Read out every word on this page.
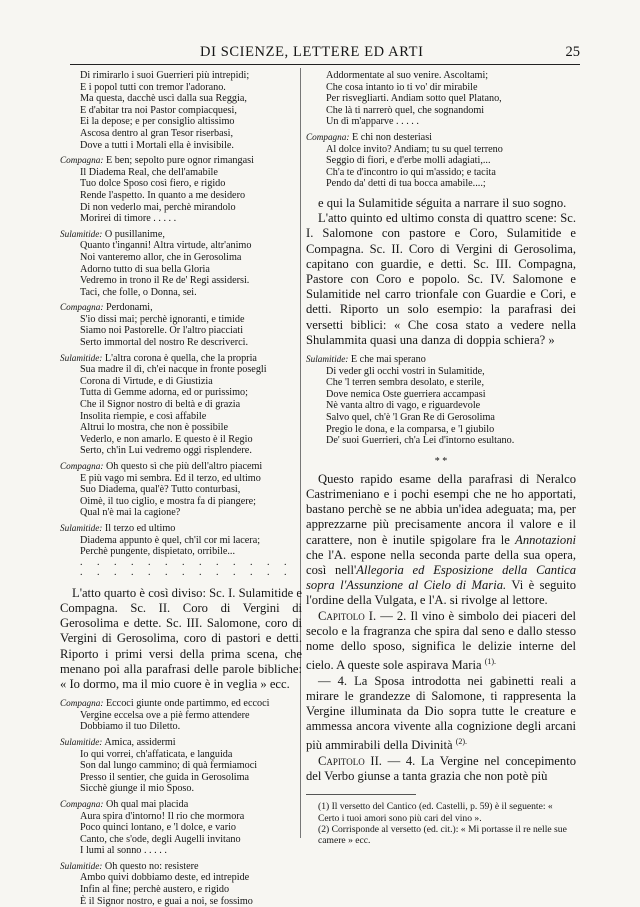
DI SCIENZE, LETTERE ED ARTI	25
Di rimirarlo i suoi Guerrieri più intrepidi;
E i popol tutti con tremor l'adorano.
Ma questa, dacchè uscì dalla sua Reggia,
E d'abitar tra noi Pastor compiacquesi,
Ei la depose; e per consiglio altissimo
Ascosa dentro al gran Tesor riserbasi,
Dove a tutti i Mortali ella è invisibile.
Compagna: E ben; sepolto pure ognor rimangasi
Il Diadema Real, che dell'amabile
Tuo dolce Sposo così fiero, e rigido
Rende l'aspetto. In quanto a me desidero
Di non vederlo mai, perchè mirandolo
Morirei di timore . . . . .
Sulamitide: O pusillanime,
Quanto t'inganni! Altra virtude, altr'animo
Noi vanteremo allor, che in Gerosolima
Adorno tutto di sua bella Gloria
Vedremo in trono il Re de' Regi assidersi.
Taci, che folle, o Donna, sei.
Compagna: Perdonami,
S'io dissi mai; perchè ignoranti, e timide
Siamo noi Pastorelle. Or l'altro piacciati
Serto immortal del nostro Re descriverci.
Sulamitide: L'altra corona è quella, che la propria
Sua madre il dì, ch'ei nacque in fronte posegli
Corona di Virtude, e di Giustizia
Tutta di Gemme adorna, ed or purissimo;
Che il Signor nostro di beltà e di grazia
Insolita riempie, e così affabile
Altrui lo mostra, che non è possibile
Vederlo, e non amarlo. E questo è il Regio
Serto, ch'in Lui vedremo oggi risplendere.
Compagna: Oh questo sì che più dell'altro piacemi
E più vago mi sembra. Ed il terzo, ed ultimo
Suo Diadema, qual'è? Tutto conturbasi,
Oimè, il tuo ciglio, e mostra fa di piangere;
Qual n'è mai la cagione?
Sulamitide: Il terzo ed ultimo
Diadema appunto è quel, ch'il cor mi lacera;
Perchè pungente, dispietato, orribile...
. . . . . . . . . . . . . . . . . . . . . . . . . .

L'atto quarto è così diviso: Sc. I. Sulamitide e Compagna. Sc. II. Coro di Vergini di Gerosolima e dette. Sc. III. Salomone, coro di Vergini di Gerosolima, coro di pastori e detti. Riporto i primi versi della prima scena, che menano poi alla parafrasi delle parole bibliche: « Io dormo, ma il mio cuore è in veglia » ecc.

Compagna: Eccoci giunte onde partimmo, ed eccoci
Vergine eccelsa ove a piè fermo attendere
Dobbiamo il tuo Diletto.
Sulamitide: Amica, assidermi
Io qui vorrei, ch'affaticata, e languida
Son dal lungo cammino; di quà fermiamoci
Presso il sentier, che guida in Gerosolima
Sicchè giunge il mio Sposo.
Compagna: Oh qual mai placida
Aura spira d'intorno! Il rio che mormora
Poco quinci lontano, e 'l dolce, e vario
Canto, che s'ode, degli Augelli invitano
I lumi al sonno . . . . .
Sulamitide: Oh questo no: resistere
Ambo quivi dobbiamo deste, ed intrepide
Infin al fine; perchè austero, e rigido
È il Signor nostro, e guai a noi, se fossimo
Addormentate al suo venire. Ascoltami;
Che cosa intanto io ti vo' dir mirabile
Per risvegliarti. Andiam sotto quel Platano,
Che là ti narrerò quel, che sognandomi
Un dì m'apparve . . . . .
Compagna: E chi non desteriasi
Al dolce invito? Andiam; tu su quel terreno
Seggio di fiori, e d'erbe molli adagiati,...
Ch'a te d'incontro io qui m'assido; e tacita
Pendo da' detti di tua bocca amabile....;

e qui la Sulamitide séguita a narrare il suo sogno.

L'atto quinto ed ultimo consta di quattro scene: Sc. I. Salomone con pastore e Coro, Sulamitide e Compagna. Sc. II. Coro di Vergini di Gerosolima, capitano con guardie, e detti. Sc. III. Compagna, Pastore con Coro e popolo. Sc. IV. Salomone e Sulamitide nel carro trionfale con Guardie e Cori, e detti. Riporto un solo esempio: la parafrasi dei versetti biblici: « Che cosa stato a vedere nella Shulammita quasi una danza di doppia schiera? »

Sulamitide: E che mai sperano
Di veder gli occhi vostri in Sulamitide,
Che 'l terren sembra desolato, e sterile,
Dove nemica Oste guerriera accampasi
Nè vanta altro di vago, e riguardevole
Salvo quel, ch'è 'l Gran Re di Gerosolima
Pregio le dona, e la comparsa, e 'l giubilo
De' suoi Guerrieri, ch'a Lei d'intorno esultano.
* *

Questo rapido esame della parafrasi di Neralco Castrimeniano e i pochi esempi che ne ho apportati, bastano perchè se ne abbia un'idea adeguata; ma, per apprezzarne più precisamente ancora il valore e il carattere, non è inutile spigolare fra le Annotazioni che l'A. espone nella seconda parte della sua opera, così nell'Allegoria ed Esposizione della Cantica sopra l'Assunzione al Cielo di Maria. Vi è seguito l'ordine della Vulgata, e l'A. si rivolge al lettore.

Capitolo I. — 2. Il vino è simbolo dei piaceri del secolo e la fragranza che spira dal seno e dallo stesso nome dello sposo, significa le delizie interne del cielo. A queste sole aspirava Maria $^{(1).}$

— 4. La Sposa introdotta nei gabinetti reali a mirare le grandezze di Salomone, ti rappresenta la Vergine illuminata da Dio sopra tutte le creature e ammessa ancora vivente alla cognizione degli arcani più ammirabili della Divinità $^{(2).}$

Capitolo II. — 4. La Vergine nel concepimento del Verbo giunse a tanta grazia che non potè più

(1) Il versetto del Cantico (ed. Castelli, p. 59) è il seguente: « Certo i tuoi amori sono più cari del vino ».
(2) Corrisponde al versetto (ed. cit.): « Mi portasse il re nelle sue camere » ecc.
